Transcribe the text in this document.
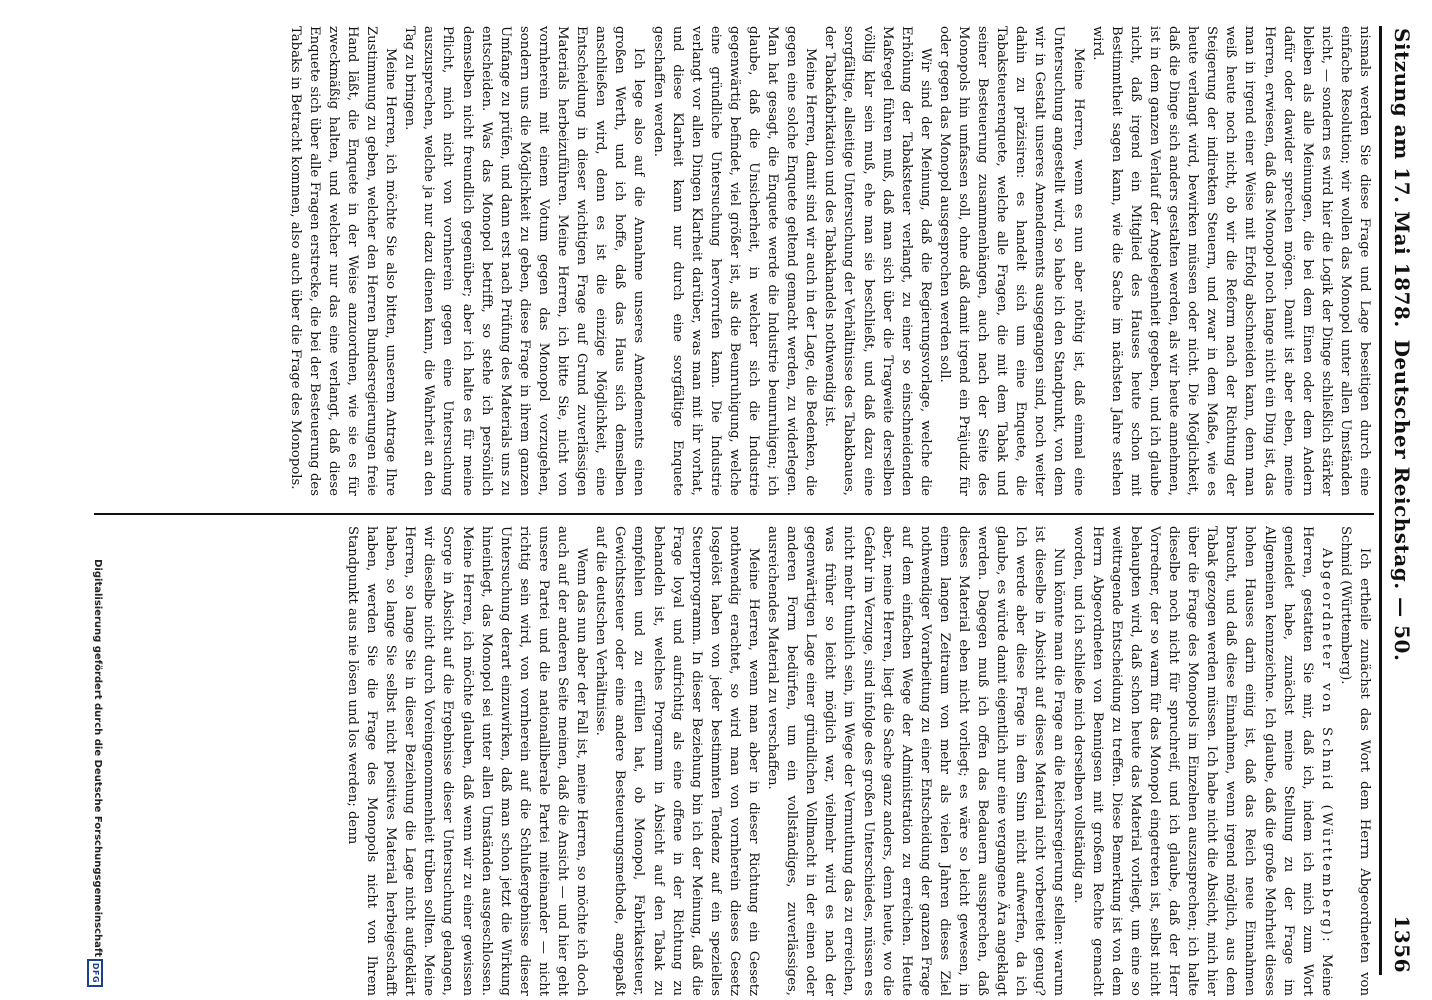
Sitzung am 17. Mai 1878.
Deutscher Reichstag. — 50.
1356

nismals werden Sie diese Frage und Lage beseitigen durch eine einfache Resolution; wir wollen das Monopol unter allen Umständen nicht, — sondern es wird hier die Logik der Dinge schließlich stärker bleiben als alle Meinungen, die bei dem Einen oder dem Andern dafür oder dawider sprechen mögen. Damit ist aber eben, meine Herren, erwiesen, daß das Monopol noch lange nicht ein Ding ist, das man in irgend einer Weise mit Erfolg abschneiden kann, denn man weiß heute noch nicht, ob wir die Reform nach der Richtung der Steigerung der indirekten Steuern, und zwar in dem Maße, wie es heute verlangt wird, bewirken müssen oder nicht. Die Möglichkeit, daß die Dinge sich anders gestalten werden, als wir heute annehmen, ist in dem ganzen Verlauf der Angelegenheit gegeben, und ich glaube nicht, daß irgend ein Mitglied des Hauses heute schon mit Bestimmtheit sagen kann, wie die Sache im nächsten Jahre stehen wird.

Meine Herren, wenn es nun aber nöthig ist, daß einmal eine Untersuchung angestellt wird, so habe ich den Standpunkt, von dem wir in Gestalt unseres Amendements ausgegangen sind, noch weiter dahin zu präzisiren: es handelt sich um eine Enquete, die Tabaksteuerenquete, welche alle Fragen, die mit dem Tabak und seiner Besteuerung zusammenhängen, auch nach der Seite des Monopols hin umfassen soll, ohne daß damit irgend ein Präjudiz für oder gegen das Monopol ausgesprochen werden soll.

Wir sind der Meinung, daß die Regierungsvorlage, welche die Erhöhung der Tabaksteuer verlangt, zu einer so einschneidenden Maßregel führen muß, daß man sich über die Tragweite derselben völlig klar sein muß, ehe man sie beschließt, und daß dazu eine sorgfältige, allseitige Untersuchung der Verhältnisse des Tabakbaues, der Tabakfabrikation und des Tabakhandels nothwendig ist.

Meine Herren, damit sind wir auch in der Lage, die Bedenken, die gegen eine solche Enquete geltend gemacht werden, zu widerlegen. Man hat gesagt, die Enquete werde die Industrie beunruhigen; ich glaube, daß die Unsicherheit, in welcher sich die Industrie gegenwärtig befindet, viel größer ist, als die Beunruhigung, welche eine gründliche Untersuchung hervorrufen kann. Die Industrie verlangt vor allen Dingen Klarheit darüber, was man mit ihr vorhat, und diese Klarheit kann nur durch eine sorgfältige Enquete geschaffen werden.

Ich lege also auf die Annahme unseres Amendements einen großen Werth, und ich hoffe, daß das Haus sich demselben anschließen wird, denn es ist die einzige Möglichkeit, eine Entscheidung in dieser wichtigen Frage auf Grund zuverlässigen Materials herbeizuführen. Meine Herren, ich bitte Sie, nicht von vornherein mit einem Votum gegen das Monopol vorzugehen, sondern uns die Möglichkeit zu geben, diese Frage in ihrem ganzen Umfange zu prüfen, und dann erst nach Prüfung des Materials uns zu entscheiden. Was das Monopol betrifft, so stehe ich persönlich demselben nicht freundlich gegenüber; aber ich halte es für meine Pflicht, mich nicht von vornherein gegen eine Untersuchung auszusprechen, welche ja nur dazu dienen kann, die Wahrheit an den Tag zu bringen.

Meine Herren, ich möchte Sie also bitten, unserem Antrage Ihre Zustimmung zu geben, welcher den Herren Bundesregierungen freie Hand läßt, die Enquete in der Weise anzuordnen, wie sie es für zweckmäßig halten, und welcher nur das eine verlangt, daß diese Enquete sich über alle Fragen erstrecke, die bei der Besteuerung des Tabaks in Betracht kommen, also auch über die Frage des Monopols.

Ich ertheile zunächst das Wort dem Herrn Abgeordneten von Schmid (Württemberg).

Abgeordneter von Schmid (Württemberg): Meine Herren, gestatten Sie mir, daß ich, indem ich mich zum Wort gemeldet habe, zunächst meine Stellung zu der Frage im Allgemeinen kennzeichne. Ich glaube, daß die große Mehrheit dieses hohen Hauses darin einig ist, daß das Reich neue Einnahmen braucht, und daß diese Einnahmen, wenn irgend möglich, aus dem Tabak gezogen werden müssen. Ich habe nicht die Absicht, mich hier über die Frage des Monopols im Einzelnen auszusprechen; ich halte dieselbe noch nicht für spruchreif, und ich glaube, daß der Herr Vorredner, der so warm für das Monopol eingetreten ist, selbst nicht behaupten wird, daß schon heute das Material vorliegt, um eine so weittragende Entscheidung zu treffen. Diese Bemerkung ist von dem Herrn Abgeordneten von Bennigsen mit großem Rechte gemacht worden, und ich schließe mich derselben vollständig an.

Nun könnte man die Frage an die Reichsregierung stellen: warum ist dieselbe in Absicht auf dieses Material nicht vorbereitet genug? Ich werde aber diese Frage in dem Sinn nicht aufwerfen, da ich glaube, es würde damit eigentlich nur eine vergangene Ära angeklagt werden. Dagegen muß ich offen das Bedauern aussprechen, daß dieses Material eben nicht vorliegt; es wäre so leicht gewesen, in einem langen Zeitraum von mehr als vielen Jahren dieses Ziel nothwendiger Vorarbeitung zu einer Entscheidung der ganzen Frage auf dem einfachen Wege der Administration zu erreichen. Heute aber, meine Herren, liegt die Sache ganz anders, denn heute, wo die Gefahr im Verzuge, sind infolge des großen Unterschiedes, müssen es nicht mehr thunlich sein, im Wege der Vermuthung das zu erreichen, was früher so leicht möglich war, vielmehr wird es nach der gegenwärtigen Lage einer gründlichen Vollmacht in der einen oder anderen Form bedürfen, um ein vollständiges, zuverlässiges, ausreichendes Material zu verschaffen.

Meine Herren, wenn man aber in dieser Richtung ein Gesetz nothwendig erachtet, so wird man von vornherein dieses Gesetz losgelöst haben von jeder bestimmten Tendenz auf ein spezielles Steuerprogramm. In dieser Beziehung bin ich der Meinung, daß die Frage loyal und aufrichtig als eine offene in der Richtung zu behandeln ist, welches Programm in Absicht auf den Tabak zu empfehlen und zu erfüllen hat, ob Monopol, Fabrikatsteuer, Gewichtssteuer oder eine andere Besteuerungsmethode, angepaßt auf die deutschen Verhältnisse.

Wenn das nun aber der Fall ist, meine Herren, so möchte ich doch auch auf der anderen Seite meinen, daß die Ansicht — und hier geht unsere Partei und die nationalliberale Partei miteinander — nicht richtig sein wird, von vornherein auf die Schlußergebnisse dieser Untersuchung derart einzuwirken, daß man schon jetzt die Wirkung hineinlegt, das Monopol sei unter allen Umständen ausgeschlossen. Meine Herren, ich möchte glauben, daß wenn wir zu einer gewissen Sorge in Absicht auf die Ergebnisse dieser Untersuchung gelangen, wir dieselbe nicht durch Voreingenommenheit trüben sollten. Meine Herren, so lange Sie in dieser Beziehung die Lage nicht aufgeklärt haben, so lange Sie selbst nicht positives Material herbeigeschafft haben, werden Sie die Frage des Monopols nicht von Ihrem Standpunkt aus nie lösen und los werden; denn

Digitalisierung gefördert durch die Deutsche Forschungsgemeinschaft
DFG
